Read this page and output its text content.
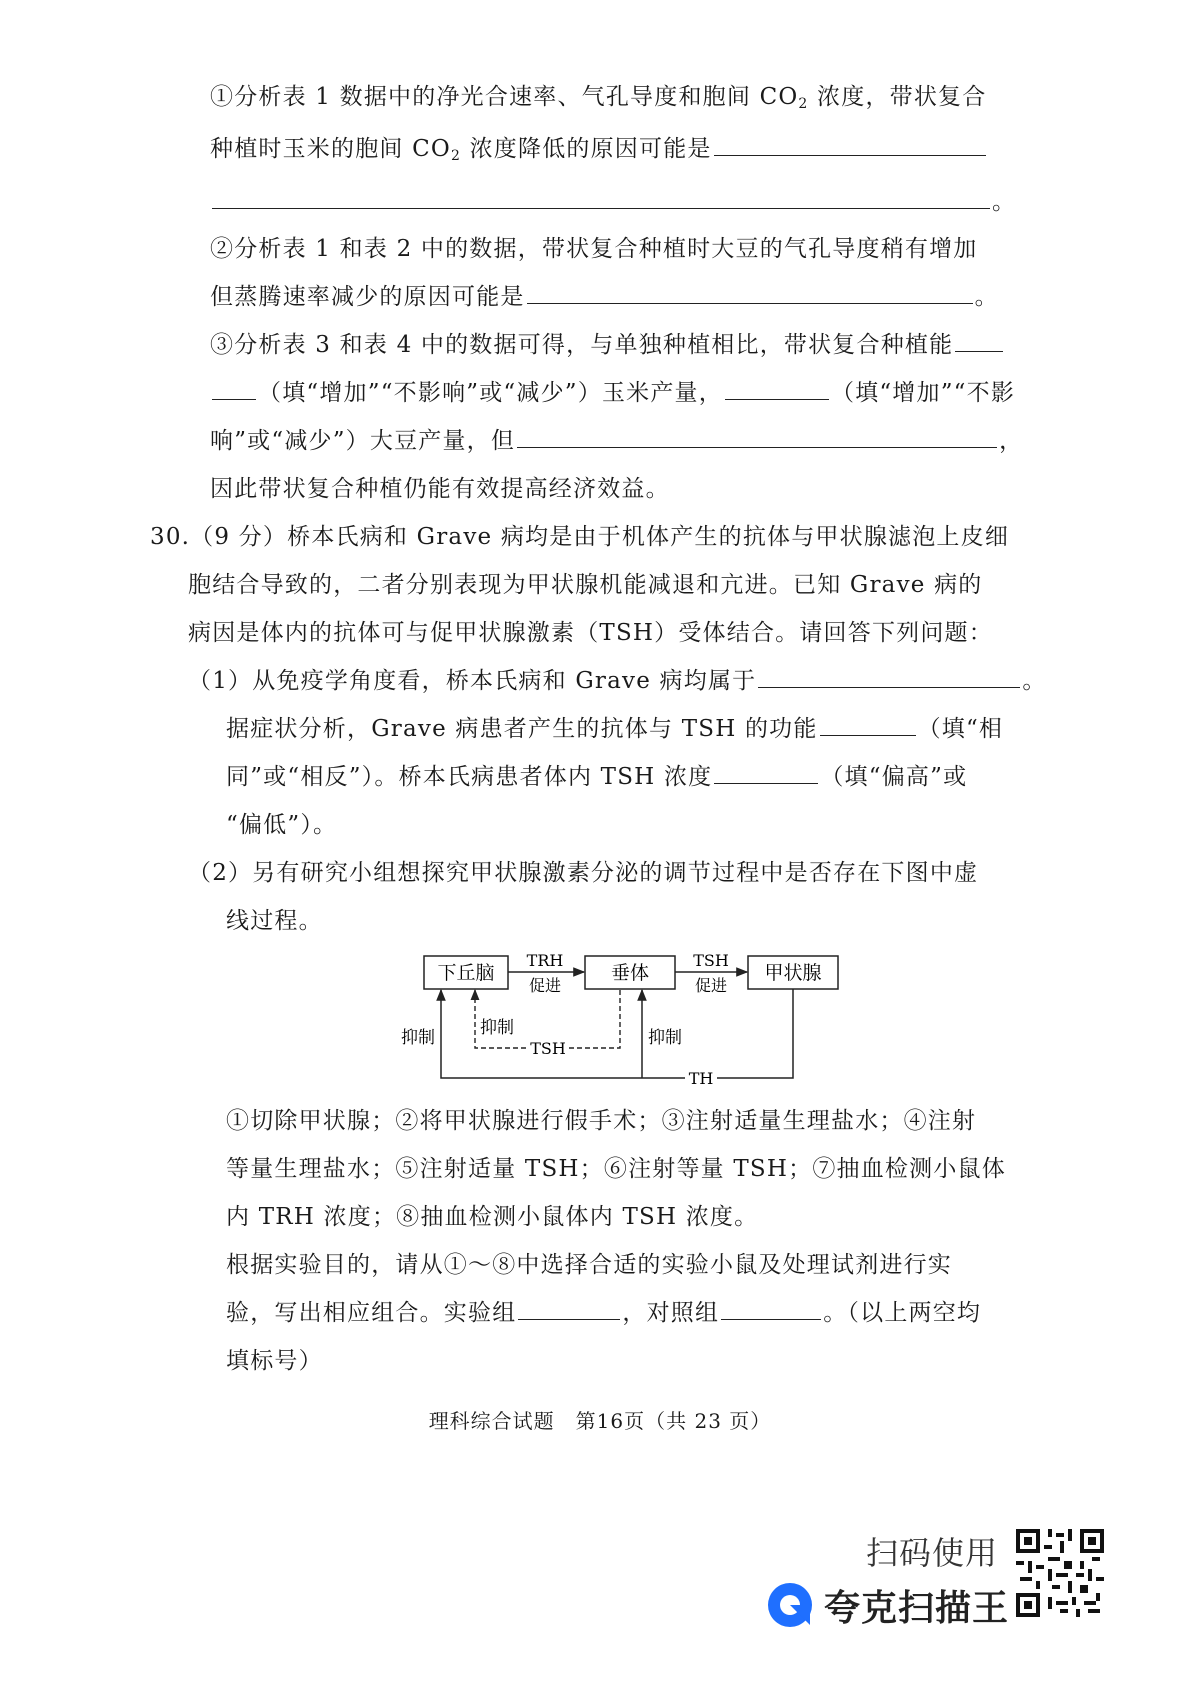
①分析表 1 数据中的净光合速率、气孔导度和胞间 $CO_2$ 浓度，带状复合
种植时玉米的胞间 $CO_2$ 浓度降低的原因可能是
。
②分析表 1 和表 2 中的数据，带状复合种植时大豆的气孔导度稍有增加
但蒸腾速率减少的原因可能是	。
③分析表 3 和表 4 中的数据可得，与单独种植相比，带状复合种植能
（填“增加”“不影响”或“减少”）玉米产量，	（填“增加”“不影
响”或“减少”）大豆产量，但	，
因此带状复合种植仍能有效提高经济效益。
30.（9 分）桥本氏病和 Grave 病均是由于机体产生的抗体与甲状腺滤泡上皮细
胞结合导致的，二者分别表现为甲状腺机能减退和亢进。已知 Grave 病的
病因是体内的抗体可与促甲状腺激素（TSH）受体结合。请回答下列问题：
（1）从免疫学角度看，桥本氏病和 Grave 病均属于	。
据症状分析，Grave 病患者产生的抗体与 TSH 的功能	（填“相
同”或“相反”）。桥本氏病患者体内 TSH 浓度	（填“偏高”或
“偏低”）。
（2）另有研究小组想探究甲状腺激素分泌的调节过程中是否存在下图中虚
线过程。
下丘脑	垂体	甲状腺
TRH
促进
TSH
促进
TH
抑制	抑制
TSH
抑制
①切除甲状腺；②将甲状腺进行假手术；③注射适量生理盐水；④注射
等量生理盐水；⑤注射适量 TSH；⑥注射等量 TSH；⑦抽血检测小鼠体
内 TRH 浓度；⑧抽血检测小鼠体内 TSH 浓度。
根据实验目的，请从①～⑧中选择合适的实验小鼠及处理试剂进行实
验，写出相应组合。实验组	，对照组	。（以上两空均
填标号）
理科综合试题　第16页（共 23 页）
扫码使用
夸克扫描王
